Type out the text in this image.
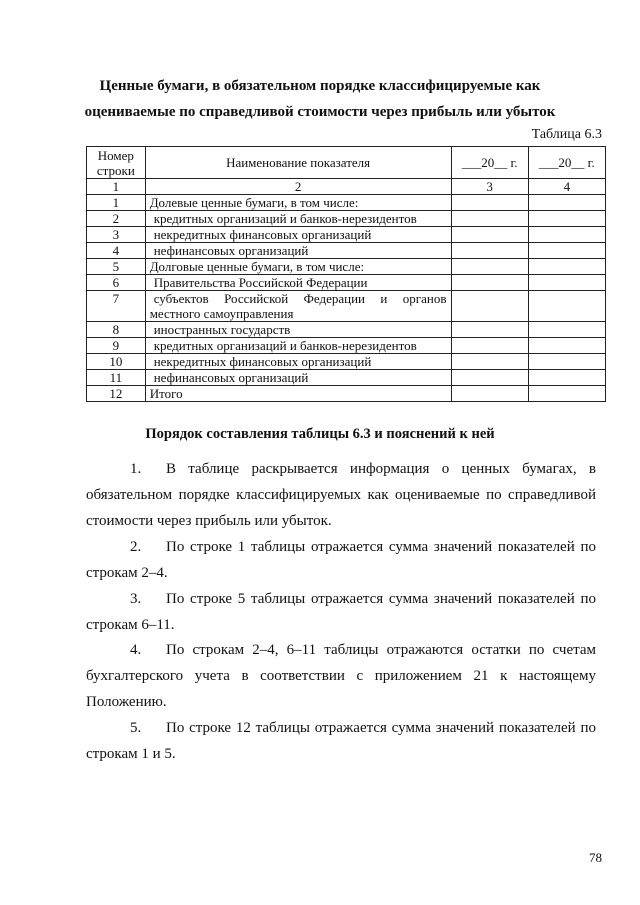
Ценные бумаги, в обязательном порядке классифицируемые как
оцениваемые по справедливой стоимости через прибыль или убыток
Таблица 6.3
Номер строки	Наименование показателя	___20__ г.	___20__ г.
1	2	3	4
1	Долевые ценные бумаги, в том числе:		
2	кредитных организаций и банков-нерезидентов		
3	некредитных финансовых организаций		
4	нефинансовых организаций		
5	Долговые ценные бумаги, в том числе:		
6	Правительства Российской Федерации		
7	субъектов Российской Федерации и органов
местного самоуправления		
8	иностранных государств		
9	кредитных организаций и банков-нерезидентов		
10	некредитных финансовых организаций		
11	нефинансовых организаций		
12	Итого		
Порядок составления таблицы 6.3 и пояснений к ней
1. В таблице раскрывается информация о ценных бумагах, в обязательном порядке классифицируемых как оцениваемые по справедливой стоимости через прибыль или убыток.
2. По строке 1 таблицы отражается сумма значений показателей по строкам 2–4.
3. По строке 5 таблицы отражается сумма значений показателей по строкам 6–11.
4. По строкам 2–4, 6–11 таблицы отражаются остатки по счетам бухгалтерского учета в соответствии с приложением 21 к настоящему Положению.
5. По строке 12 таблицы отражается сумма значений показателей по строкам 1 и 5.
78
